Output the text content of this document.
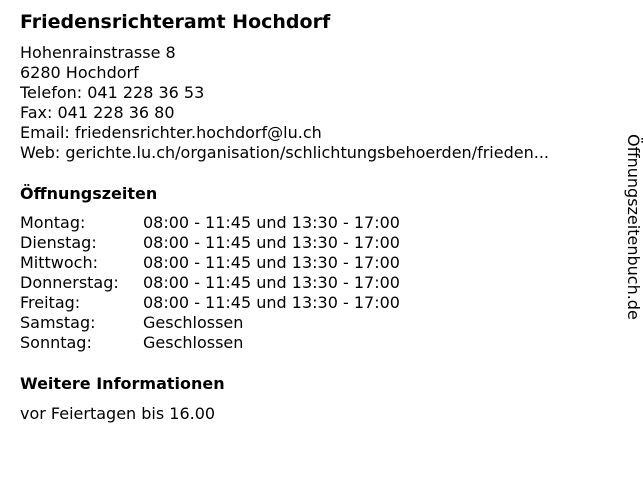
Friedensrichteramt Hochdorf
Hohenrainstrasse 8
6280 Hochdorf
Telefon: 041 228 36 53
Fax: 041 228 36 80
Email: friedensrichter.hochdorf@lu.ch
Web: gerichte.lu.ch/organisation/schlichtungsbehoerden/frieden...
Öffnungszeiten
Montag:	08:00 - 11:45 und 13:30 - 17:00
Dienstag:	08:00 - 11:45 und 13:30 - 17:00
Mittwoch:	08:00 - 11:45 und 13:30 - 17:00
Donnerstag: 08:00 - 11:45 und 13:30 - 17:00
Freitag:	08:00 - 11:45 und 13:30 - 17:00
Samstag:	Geschlossen
Sonntag:	Geschlossen
Weitere Informationen
vor Feiertagen bis 16.00
Öffnungszeitenbuch.de
